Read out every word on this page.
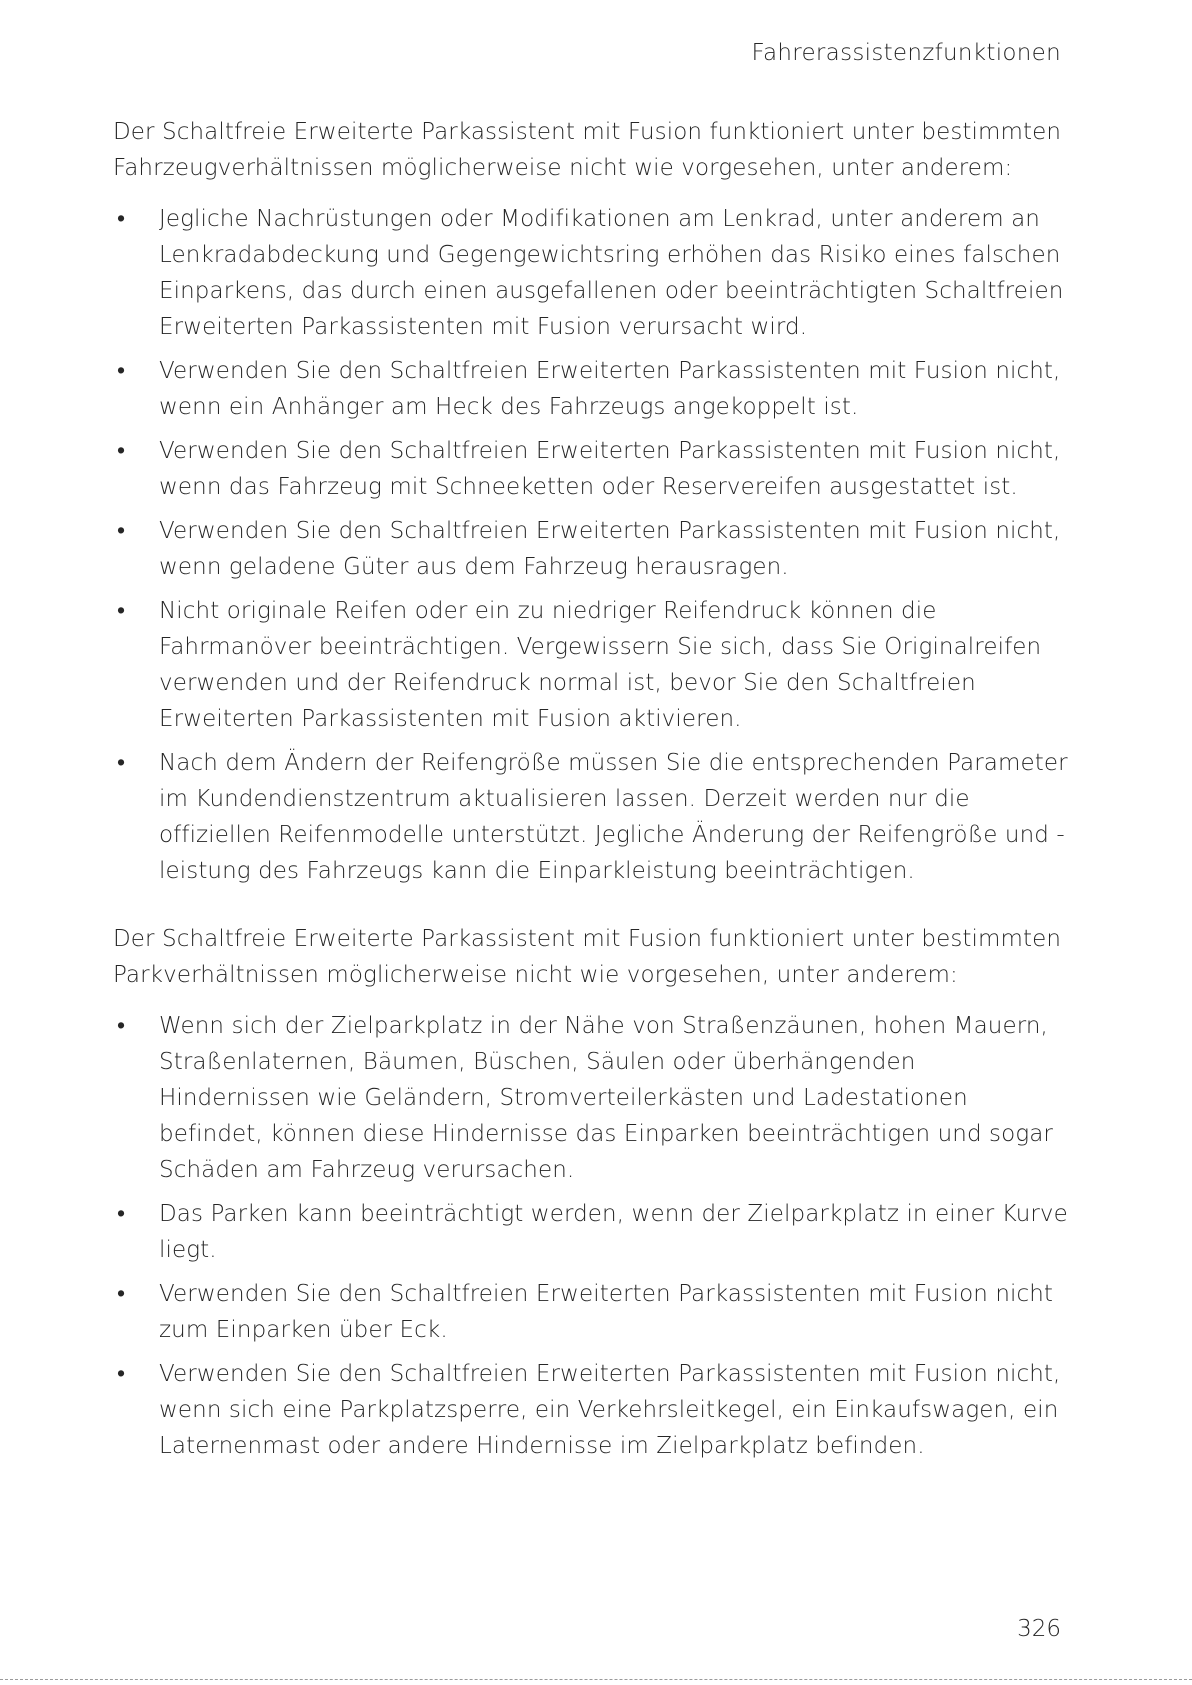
Fahrerassistenzfunktionen

Der Schaltfreie Erweiterte Parkassistent mit Fusion funktioniert unter bestimmten Fahrzeugverhältnissen möglicherweise nicht wie vorgesehen, unter anderem:

• Jegliche Nachrüstungen oder Modifikationen am Lenkrad, unter anderem an Lenkradabdeckung und Gegengewichtsring erhöhen das Risiko eines falschen Einparkens, das durch einen ausgefallenen oder beeinträchtigten Schaltfreien Erweiterten Parkassistenten mit Fusion verursacht wird.
• Verwenden Sie den Schaltfreien Erweiterten Parkassistenten mit Fusion nicht, wenn ein Anhänger am Heck des Fahrzeugs angekoppelt ist.
• Verwenden Sie den Schaltfreien Erweiterten Parkassistenten mit Fusion nicht, wenn das Fahrzeug mit Schneeketten oder Reservereifen ausgestattet ist.
• Verwenden Sie den Schaltfreien Erweiterten Parkassistenten mit Fusion nicht, wenn geladene Güter aus dem Fahrzeug herausragen.
• Nicht originale Reifen oder ein zu niedriger Reifendruck können die Fahrmanöver beeinträchtigen. Vergewissern Sie sich, dass Sie Originalreifen verwenden und der Reifendruck normal ist, bevor Sie den Schaltfreien Erweiterten Parkassistenten mit Fusion aktivieren.
• Nach dem Ändern der Reifengröße müssen Sie die entsprechenden Parameter im Kundendienstzentrum aktualisieren lassen. Derzeit werden nur die offiziellen Reifenmodelle unterstützt. Jegliche Änderung der Reifengröße und -leistung des Fahrzeugs kann die Einparkleistung beeinträchtigen.

Der Schaltfreie Erweiterte Parkassistent mit Fusion funktioniert unter bestimmten Parkverhältnissen möglicherweise nicht wie vorgesehen, unter anderem:

• Wenn sich der Zielparkplatz in der Nähe von Straßenzäunen, hohen Mauern, Straßenlaternen, Bäumen, Büschen, Säulen oder überhängenden Hindernissen wie Geländern, Stromverteilerkästen und Ladestationen befindet, können diese Hindernisse das Einparken beeinträchtigen und sogar Schäden am Fahrzeug verursachen.
• Das Parken kann beeinträchtigt werden, wenn der Zielparkplatz in einer Kurve liegt.
• Verwenden Sie den Schaltfreien Erweiterten Parkassistenten mit Fusion nicht zum Einparken über Eck.
• Verwenden Sie den Schaltfreien Erweiterten Parkassistenten mit Fusion nicht, wenn sich eine Parkplatzsperre, ein Verkehrsleitkegel, ein Einkaufswagen, ein Laternenmast oder andere Hindernisse im Zielparkplatz befinden.
326
